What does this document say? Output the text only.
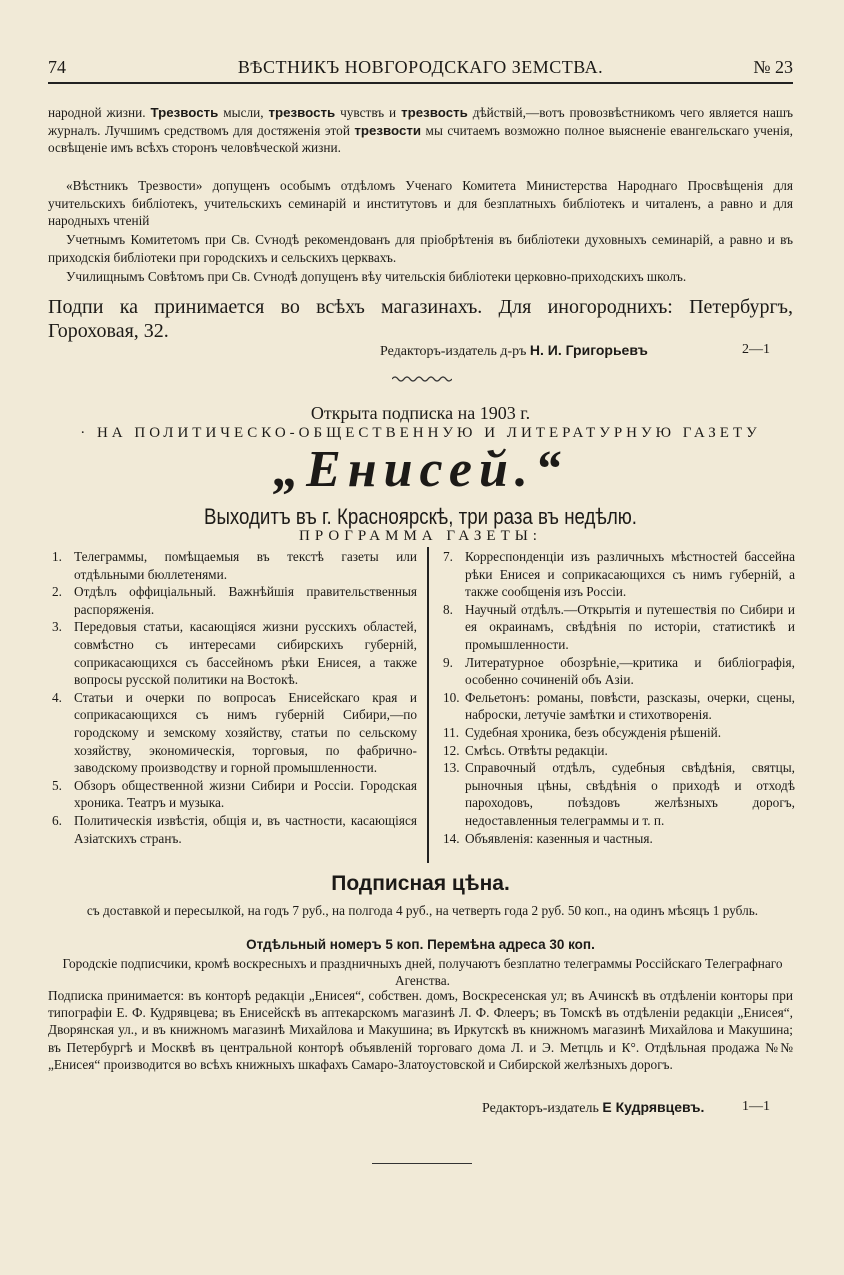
74	ВѢСТНИКЪ НОВГОРОДСКАГО ЗЕМСТВА.	№ 23
народной жизни. Трезвость мысли, трезвость чувствъ и трезвость дѣйствій,—вотъ провозвѣстникомъ чего является нашъ журналъ. Лучшимъ средствомъ для достяженія этой трезвости мы считаемъ возможно полное выясненіе евангельскаго ученія, освѣщеніе имъ всѣхъ сторонъ человѣческой жизни.
«Вѣстникъ Трезвости» допущенъ особымъ отдѣломъ Ученаго Комитета Министерства Народнаго Просвѣщенія для учительскихъ библіотекъ, учительскихъ семинарій и институтовъ и для безплатныхъ библіотекъ и читаленъ, а равно и для народныхъ чтеній
Учетнымъ Комитетомъ при Св. Сѵнодѣ рекомендованъ для пріобрѣтенія въ библіотеки духовныхъ семинарій, а равно и въ приходскія библіотеки при городскихъ и сельскихъ церквахъ.
Училищнымъ Совѣтомъ при Св. Сѵнодѣ допущенъ вѣу чительскія библіотеки церковно-приходскихъ школъ.
Подпи ка принимается во всѣхъ магазинахъ. Для иногороднихъ: Петербургъ, Гороховая, 32.
Редакторъ-издатель д-ръ Н. И. Григорьевъ	2—1
Открыта подписка на 1903 г.
· НА ПОЛИТИЧЕСКО-ОБЩЕСТВЕННУЮ И ЛИТЕРАТУРНУЮ ГАЗЕТУ
„Енисей.“
Выходитъ въ г. Красноярскѣ, три раза въ недѣлю.
ПРОГРАММА ГАЗЕТЫ:
1. Телеграммы, помѣщаемыя въ текстѣ газеты или отдѣльными бюллетенями.
2. Отдѣлъ оффиціальный. Важнѣйшія правительственныя распоряженія.
3. Передовыя статьи, касающіяся жизни русскихъ областей, совмѣстно съ интересами сибирскихъ губерній, соприкасающихся съ бассейномъ рѣки Енисея, а также вопросы русской политики на Востокѣ.
4. Статьи и очерки по вопросаъ Енисейскаго края и соприкасающихся съ нимъ губерній Сибири,—по городскому и земскому хозяйству, статьи по сельскому хозяйству, экономическія, торговыя, по фабрично-заводскому производству и горной промышленности.
5. Обзоръ общественной жизни Сибири и Россіи. Городская хроника. Театръ и музыка.
6. Политическія извѣстія, общія и, въ частности, касающіяся Азіатскихъ странъ.
7. Корреспонденціи изъ различныхъ мѣстностей бассейна рѣки Енисея и соприкасающихся съ нимъ губерній, а также сообщенія изъ Россіи.
8. Научный отдѣлъ.—Открытія и путешествія по Сибири и ея окраинамъ, свѣдѣнія по исторіи, статистикѣ и промышленности.
9. Литературное обозрѣніе,—критика и библіографія, особенно сочиненій объ Азіи.
10. Фельетонъ: романы, повѣсти, разсказы, очерки, сцены, наброски, летучіе замѣтки и стихотворенія.
11. Судебная хроника, безъ обсужденія рѣшеній.
12. Смѣсь. Отвѣты редакціи.
13. Справочный отдѣлъ, судебныя свѣдѣнія, святцы, рыночныя цѣны, свѣдѣнія о приходѣ и отходѣ пароходовъ, поѣздовъ желѣзныхъ дорогъ, недоставленныя телеграммы и т. п.
14. Объявленія: казенныя и частныя.
Подписная цѣна.
съ доставкой и пересылкой, на годъ 7 руб., на полгода 4 руб., на четверть года 2 руб. 50 коп., на одинъ мѣсяцъ 1 рубль.
Отдѣльный номеръ 5 коп. Перемѣна адреса 30 коп.
Городскіе подписчики, кромѣ воскресныхъ и праздничныхъ дней, получаютъ безплатно телеграммы Россійскаго Телеграфнаго Агенства.
Подписка принимается: въ конторѣ редакціи „Енисея“, собствен. домъ, Воскресенская ул; въ Ачинскѣ въ отдѣленіи конторы при типографіи Е. Ф. Кудрявцева; въ Енисейскѣ въ аптекарскомъ магазинѣ Л. Ф. Флееръ; въ Томскѣ въ отдѣленіи редакціи „Енисея“, Дворянская ул., и въ книжномъ магазинѣ Михайлова и Макушина; въ Иркутскѣ въ книжномъ магазинѣ Михайлова и Макушина; въ Петербургѣ и Москвѣ въ центральной конторѣ объявленій торговаго дома Л. и Э. Метцль и К°. Отдѣльная продажа №№ „Енисея“ производится во всѣхъ книжныхъ шкафахъ Самаро-Златоустовской и Сибирской желѣзныхъ дорогъ.
Редакторъ-издатель Е Кудрявцевъ.	1—1
